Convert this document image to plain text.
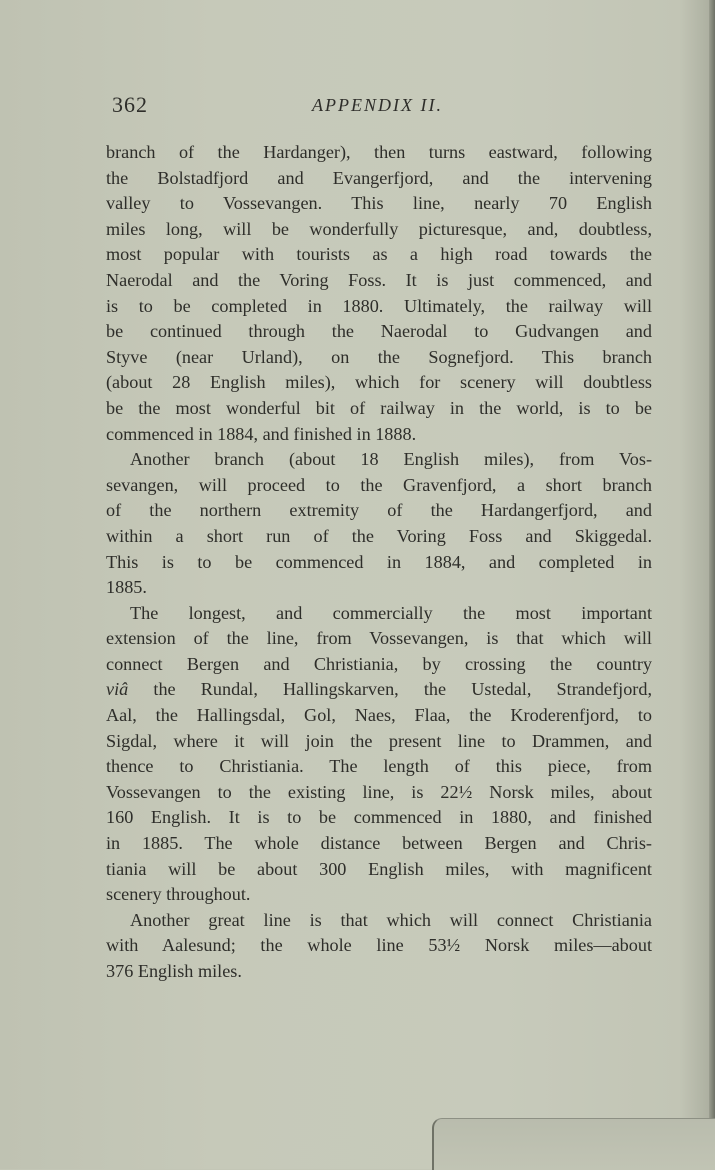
362	APPENDIX II.
branch of the Hardanger), then turns eastward, following
the Bolstadfjord and Evangerfjord, and the intervening
valley to Vossevangen. This line, nearly 70 English
miles long, will be wonderfully picturesque, and, doubtless,
most popular with tourists as a high road towards the
Naerodal and the Voring Foss. It is just commenced, and
is to be completed in 1880. Ultimately, the railway will
be continued through the Naerodal to Gudvangen and
Styve (near Urland), on the Sognefjord. This branch
(about 28 English miles), which for scenery will doubtless
be the most wonderful bit of railway in the world, is to be
commenced in 1884, and finished in 1888.
Another branch (about 18 English miles), from Vos-
sevangen, will proceed to the Gravenfjord, a short branch
of the northern extremity of the Hardangerfjord, and
within a short run of the Voring Foss and Skiggedal.
This is to be commenced in 1884, and completed in
1885.
The longest, and commercially the most important
extension of the line, from Vossevangen, is that which will
connect Bergen and Christiania, by crossing the country
viâ the Rundal, Hallingskarven, the Ustedal, Strandefjord,
Aal, the Hallingsdal, Gol, Naes, Flaa, the Kroderenfjord, to
Sigdal, where it will join the present line to Drammen, and
thence to Christiania. The length of this piece, from
Vossevangen to the existing line, is 22½ Norsk miles, about
160 English. It is to be commenced in 1880, and finished
in 1885. The whole distance between Bergen and Chris-
tiania will be about 300 English miles, with magnificent
scenery throughout.
Another great line is that which will connect Christiania
with Aalesund; the whole line 53½ Norsk miles—about
376 English miles.
